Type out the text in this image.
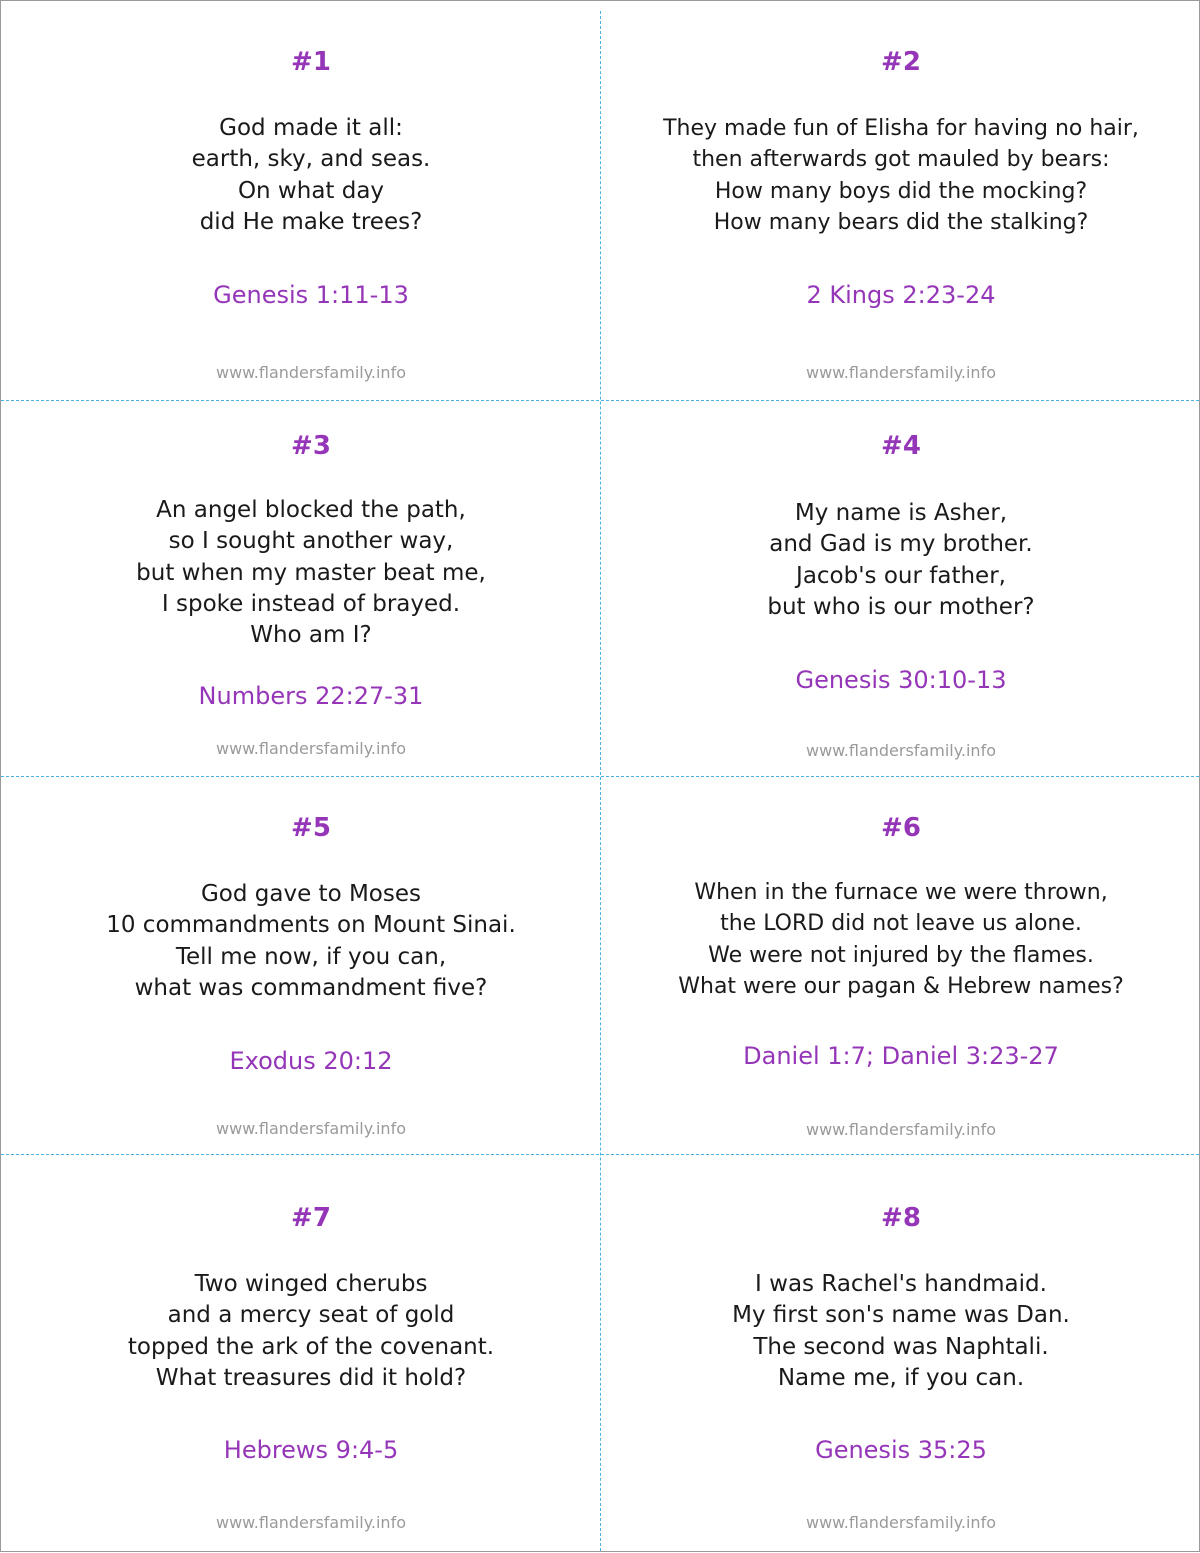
#1
God made it all:
earth, sky, and seas.
On what day
did He make trees?
Genesis 1:11-13
www.flandersfamily.info
#2
They made fun of Elisha for having no hair,
then afterwards got mauled by bears:
How many boys did the mocking?
How many bears did the stalking?
2 Kings 2:23-24
www.flandersfamily.info
#3
An angel blocked the path,
so I sought another way,
but when my master beat me,
I spoke instead of brayed.
Who am I?
Numbers 22:27-31
www.flandersfamily.info
#4
My name is Asher,
and Gad is my brother.
Jacob's our father,
but who is our mother?
Genesis 30:10-13
www.flandersfamily.info
#5
God gave to Moses
10 commandments on Mount Sinai.
Tell me now, if you can,
what was commandment five?
Exodus 20:12
www.flandersfamily.info
#6
When in the furnace we were thrown,
the LORD did not leave us alone.
We were not injured by the flames.
What were our pagan & Hebrew names?
Daniel 1:7; Daniel 3:23-27
www.flandersfamily.info
#7
Two winged cherubs
and a mercy seat of gold
topped the ark of the covenant.
What treasures did it hold?
Hebrews 9:4-5
www.flandersfamily.info
#8
I was Rachel's handmaid.
My first son's name was Dan.
The second was Naphtali.
Name me, if you can.
Genesis 35:25
www.flandersfamily.info
